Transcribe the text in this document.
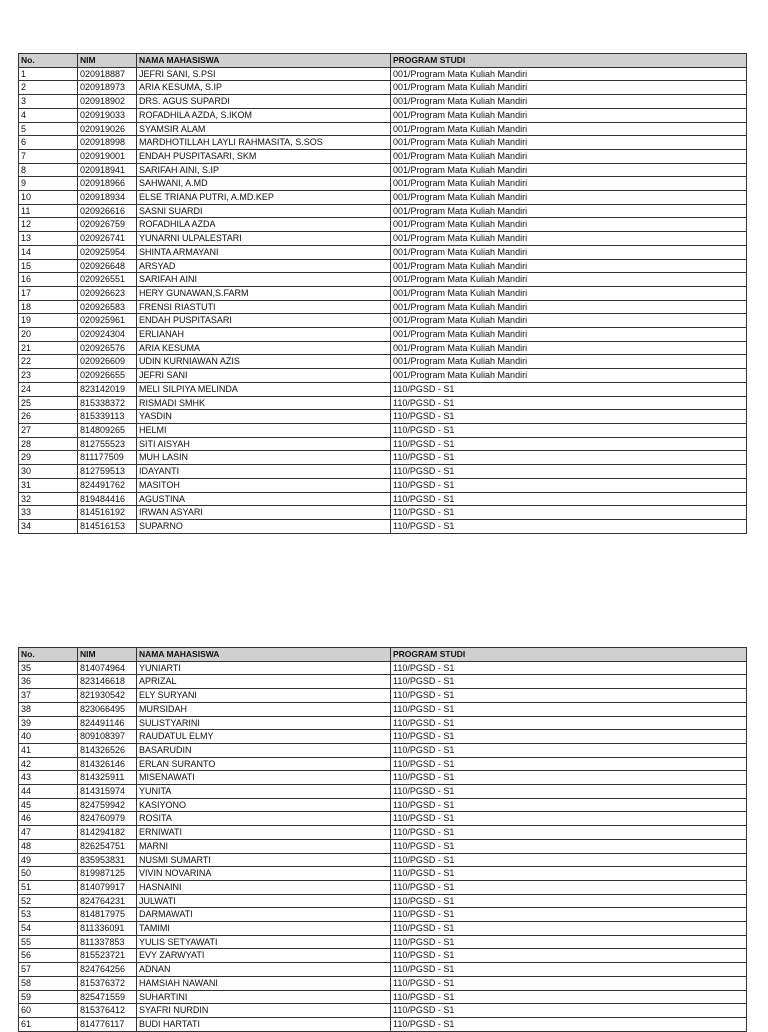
No.	NIM	NAMA MAHASISWA	PROGRAM STUDI
1	020918887	JEFRI SANI, S.PSI	001/Program Mata Kuliah Mandiri
2	020918973	ARIA KESUMA, S.IP	001/Program Mata Kuliah Mandiri
3	020918902	DRS. AGUS SUPARDI	001/Program Mata Kuliah Mandiri
4	020919033	ROFADHILA AZDA, S.IKOM	001/Program Mata Kuliah Mandiri
5	020919026	SYAMSIR ALAM	001/Program Mata Kuliah Mandiri
6	020918998	MARDHOTILLAH LAYLI RAHMASITA, S.SOS	001/Program Mata Kuliah Mandiri
7	020919001	ENDAH PUSPITASARI, SKM	001/Program Mata Kuliah Mandiri
8	020918941	SARIFAH AINI, S.IP	001/Program Mata Kuliah Mandiri
9	020918966	SAHWANI, A.MD	001/Program Mata Kuliah Mandiri
10	020918934	ELSE TRIANA PUTRI, A.MD.KEP	001/Program Mata Kuliah Mandiri
11	020926616	SASNI SUARDI	001/Program Mata Kuliah Mandiri
12	020926759	ROFADHILA AZDA	001/Program Mata Kuliah Mandiri
13	020926741	YUNARNI ULPALESTARI	001/Program Mata Kuliah Mandiri
14	020925954	SHINTA ARMAYANI	001/Program Mata Kuliah Mandiri
15	020926648	ARSYAD	001/Program Mata Kuliah Mandiri
16	020926551	SARIFAH AINI	001/Program Mata Kuliah Mandiri
17	020926623	HERY GUNAWAN,S.FARM	001/Program Mata Kuliah Mandiri
18	020926583	FRENSI RIASTUTI	001/Program Mata Kuliah Mandiri
19	020925961	ENDAH PUSPITASARI	001/Program Mata Kuliah Mandiri
20	020924304	ERLIANAH	001/Program Mata Kuliah Mandiri
21	020926576	ARIA KESUMA	001/Program Mata Kuliah Mandiri
22	020926609	UDIN KURNIAWAN AZIS	001/Program Mata Kuliah Mandiri
23	020926655	JEFRI SANI	001/Program Mata Kuliah Mandiri
24	823142019	MELI SILPIYA MELINDA	110/PGSD - S1
25	815338372	RISMADI SMHK	110/PGSD - S1
26	815339113	YASDIN	110/PGSD - S1
27	814809265	HELMI	110/PGSD - S1
28	812755523	SITI AISYAH	110/PGSD - S1
29	811177509	MUH LASIN	110/PGSD - S1
30	812759513	IDAYANTI	110/PGSD - S1
31	824491762	MASITOH	110/PGSD - S1
32	819484416	AGUSTINA	110/PGSD - S1
33	814516192	IRWAN ASYARI	110/PGSD - S1
34	814516153	SUPARNO	110/PGSD - S1
No.	NIM	NAMA MAHASISWA	PROGRAM STUDI
35	814074964	YUNIARTI	110/PGSD - S1
36	823146618	APRIZAL	110/PGSD - S1
37	821930542	ELY SURYANI	110/PGSD - S1
38	823066495	MURSIDAH	110/PGSD - S1
39	824491146	SULISTYARINI	110/PGSD - S1
40	809108397	RAUDATUL ELMY	110/PGSD - S1
41	814326526	BASARUDIN	110/PGSD - S1
42	814326146	ERLAN SURANTO	110/PGSD - S1
43	814325911	MISENAWATI	110/PGSD - S1
44	814315974	YUNITA	110/PGSD - S1
45	824759942	KASIYONO	110/PGSD - S1
46	824760979	ROSITA	110/PGSD - S1
47	814294182	ERNIWATI	110/PGSD - S1
48	826254751	MARNI	110/PGSD - S1
49	835953831	NUSMI SUMARTI	110/PGSD - S1
50	819987125	VIVIN NOVARINA	110/PGSD - S1
51	814079917	HASNAINI	110/PGSD - S1
52	824764231	JULWATI	110/PGSD - S1
53	814817975	DARMAWATI	110/PGSD - S1
54	811336091	TAMIMI	110/PGSD - S1
55	811337853	YULIS SETYAWATI	110/PGSD - S1
56	815523721	EVY ZARWYATI	110/PGSD - S1
57	824764256	ADNAN	110/PGSD - S1
58	815376372	HAMSIAH NAWANI	110/PGSD - S1
59	825471559	SUHARTINI	110/PGSD - S1
60	815376412	SYAFRI NURDIN	110/PGSD - S1
61	814776117	BUDI HARTATI	110/PGSD - S1
